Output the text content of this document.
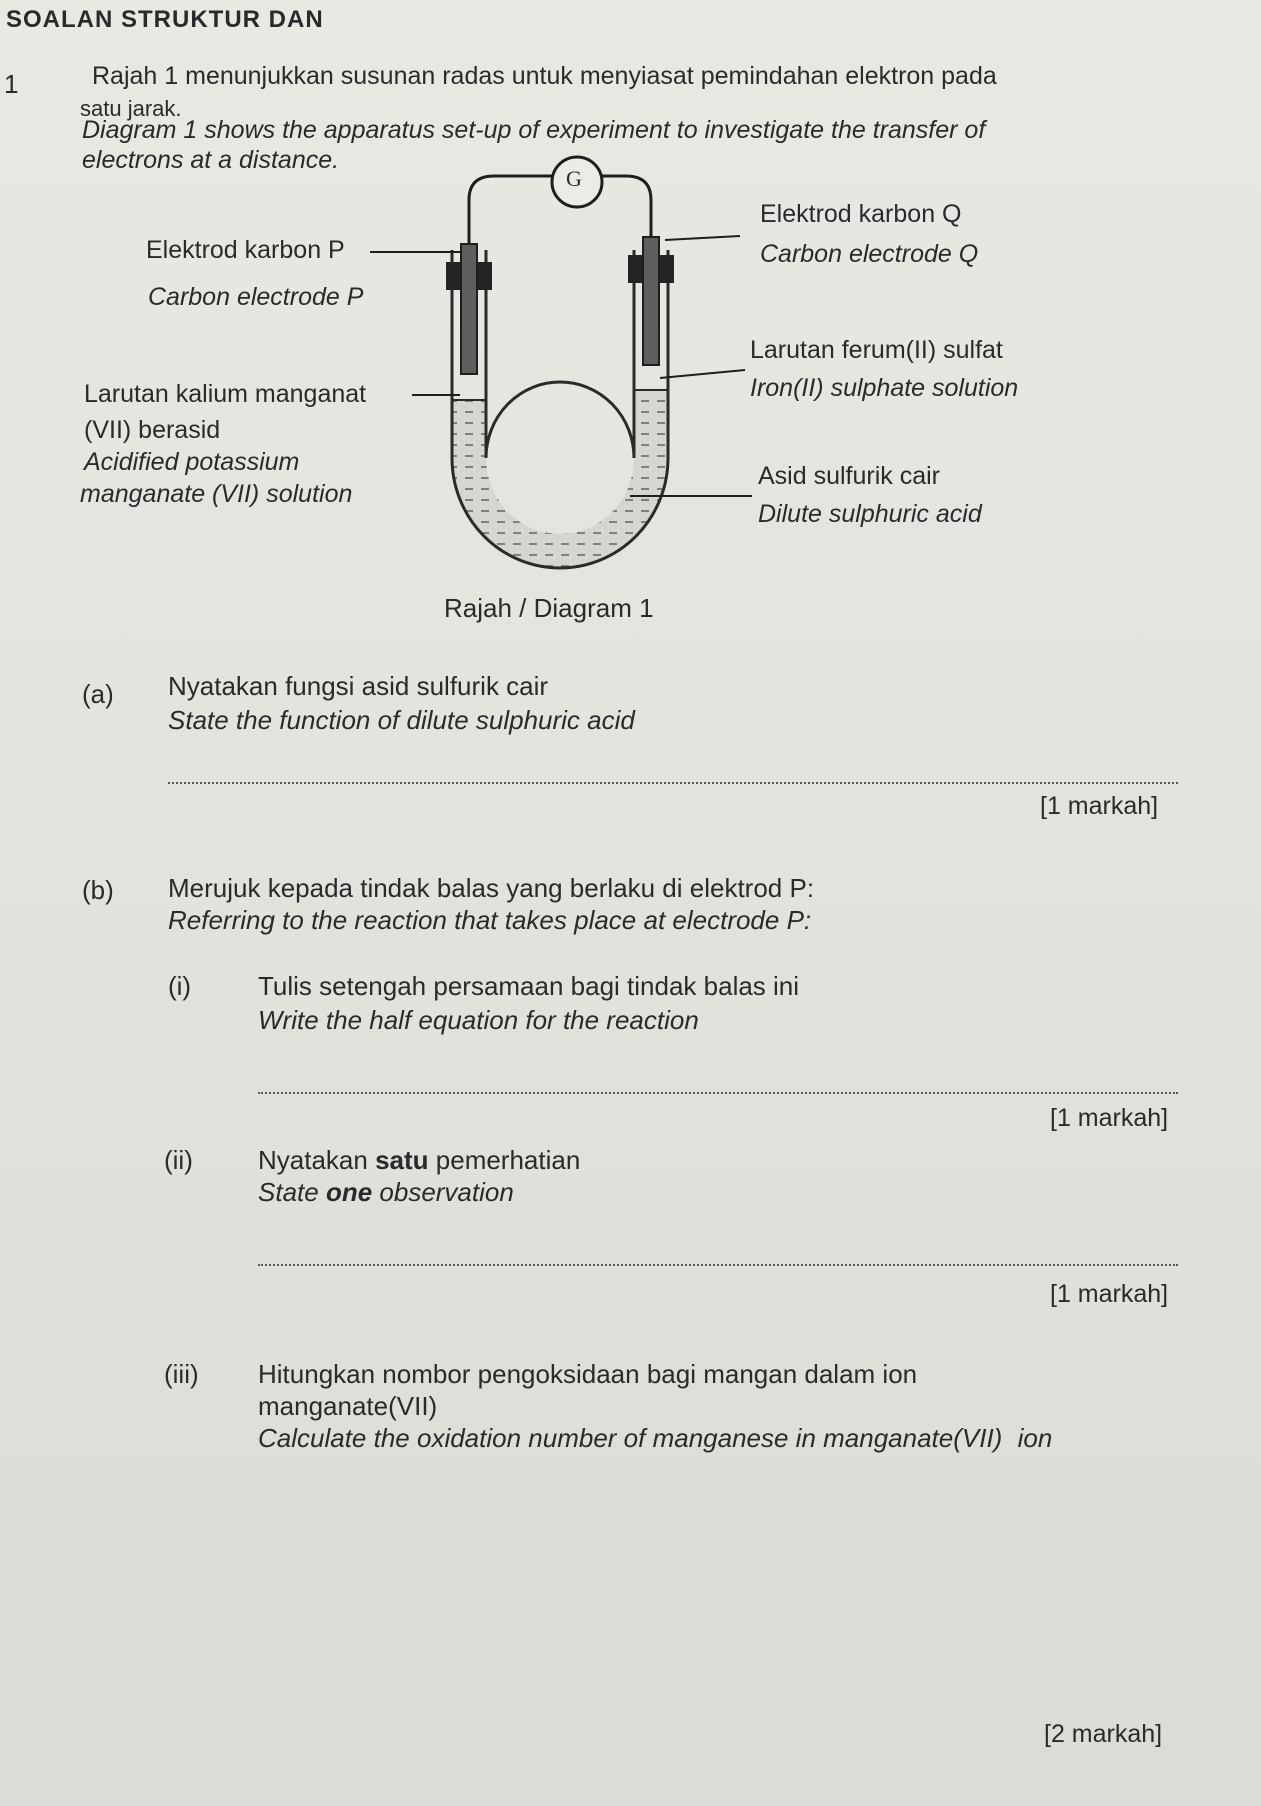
SOALAN STRUKTUR DAN
1	Rajah 1 menunjukkan susunan radas untuk menyiasat pemindahan elektron pada
satu jarak.
Diagram 1 shows the apparatus set-up of experiment to investigate the transfer of
electrons at a distance.
G
Elektrod karbon P
Carbon electrode P
Elektrod karbon Q
Carbon electrode Q
Larutan kalium manganat
(VII) berasid
Acidified potassium
manganate (VII) solution
Larutan ferum(II) sulfat
Iron(II) sulphate solution
Asid sulfurik cair
Dilute sulphuric acid
Rajah / Diagram 1
(a) Nyatakan fungsi asid sulfurik cair
State the function of dilute sulphuric acid
[1 markah]
(b) Merujuk kepada tindak balas yang berlaku di elektrod P:
Referring to the reaction that takes place at electrode P:
(i)	Tulis setengah persamaan bagi tindak balas ini
Write the half equation for the reaction
[1 markah]
(ii)	Nyatakan satu pemerhatian
State one observation
[1 markah]
(iii) Hitungkan nombor pengoksidaan bagi mangan dalam ion
manganate(VII)
Calculate the oxidation number of manganese in manganate(VII) ion
[2 markah]
